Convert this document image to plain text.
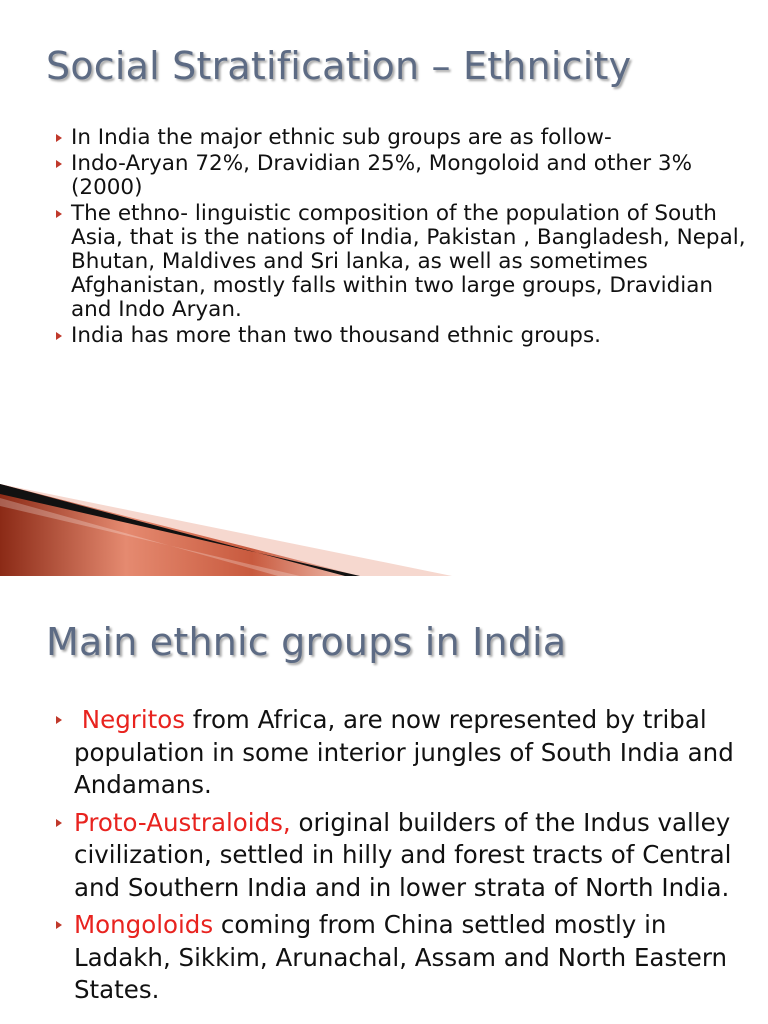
Social Stratification – Ethnicity
In India the major ethnic sub groups are as follow-
Indo-Aryan 72%, Dravidian 25%, Mongoloid and other 3% (2000)
The ethno- linguistic composition of the population of South Asia, that is the nations of India, Pakistan , Bangladesh, Nepal, Bhutan, Maldives and Sri lanka, as well as sometimes Afghanistan, mostly falls within two large groups, Dravidian and Indo Aryan.
India has more than two thousand ethnic groups.
Main ethnic groups in India
Negritos from Africa, are now represented by tribal population in some interior jungles of South India and Andamans.
Proto-Australoids, original builders of the Indus valley civilization, settled in hilly and forest tracts of Central and Southern India and in lower strata of North India.
Mongoloids coming from China settled mostly in Ladakh, Sikkim, Arunachal, Assam and North Eastern States.
